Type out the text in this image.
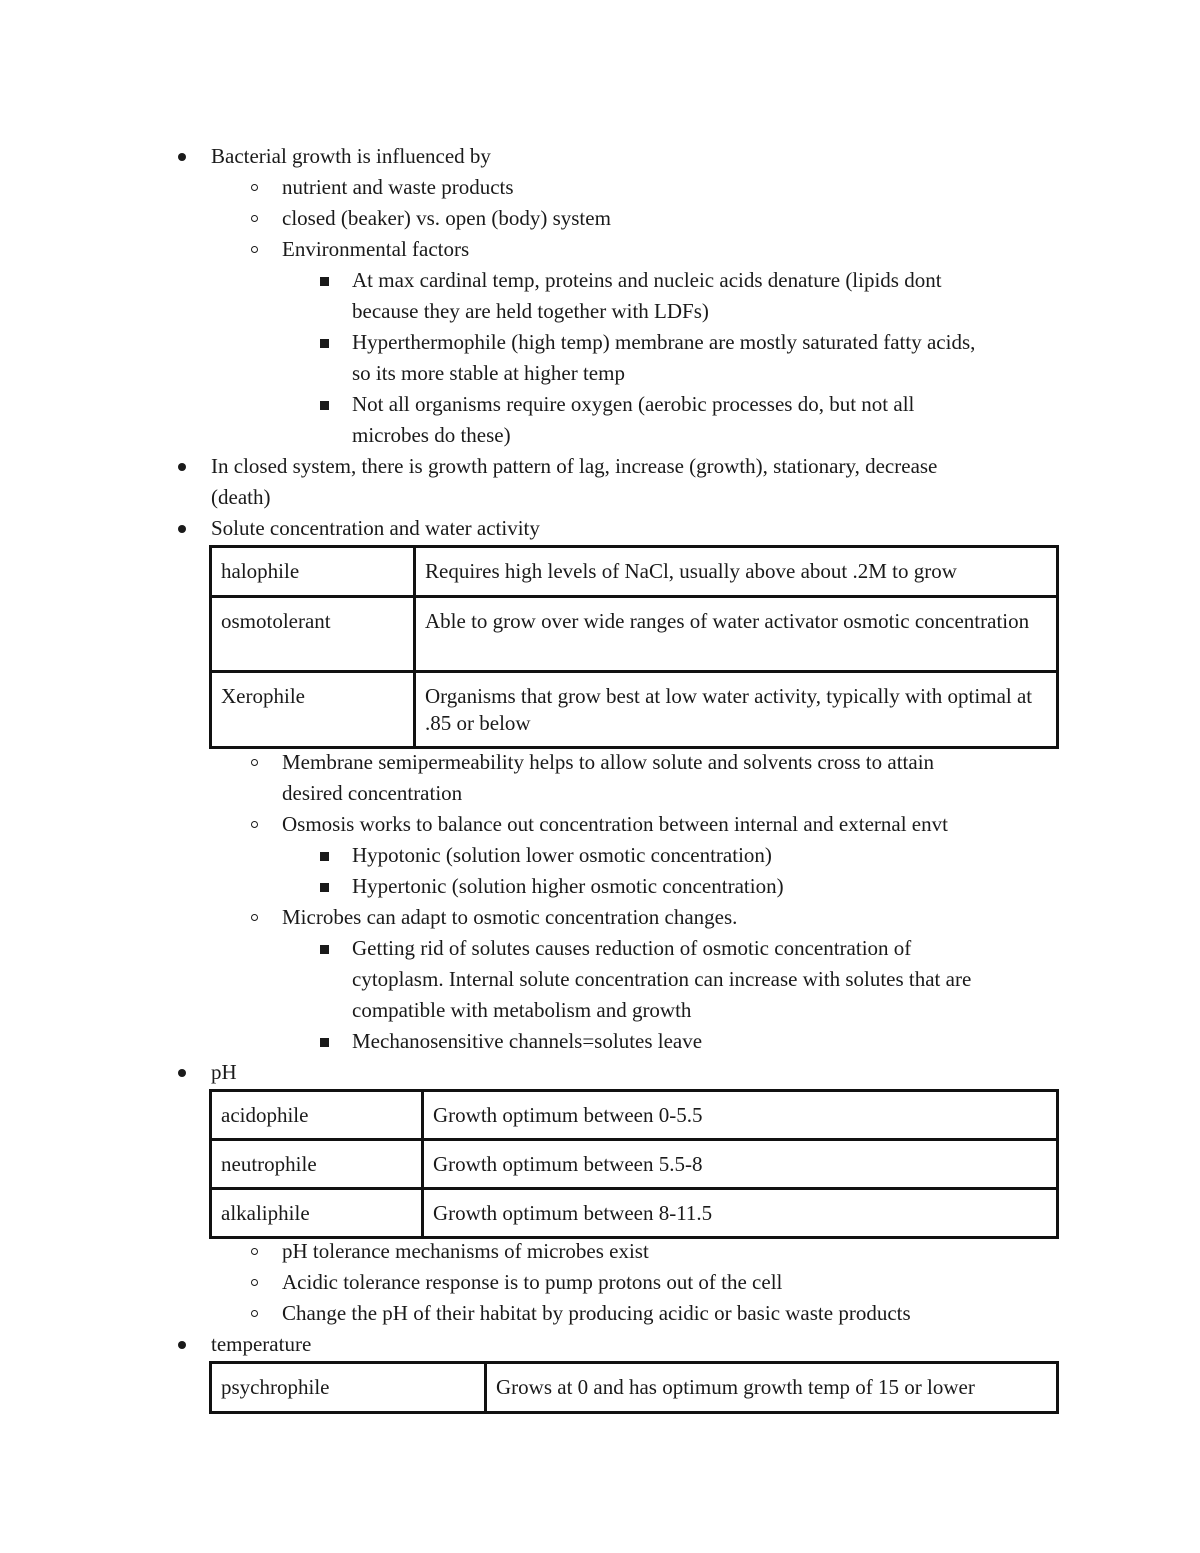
Bacterial growth is influenced by
nutrient and waste products
closed (beaker) vs. open (body) system
Environmental factors
At max cardinal temp, proteins and nucleic acids denature (lipids dont
because they are held together with LDFs)
Hyperthermophile (high temp) membrane are mostly saturated fatty acids,
so its more stable at higher temp
Not all organisms require oxygen (aerobic processes do, but not all
microbes do these)
In closed system, there is growth pattern of lag, increase (growth), stationary, decrease
(death)
Solute concentration and water activity
halophile	Requires high levels of NaCl, usually above about .2M to grow
osmotolerant	Able to grow over wide ranges of water activator osmotic concentration
Xerophile	Organisms that grow best at low water activity, typically with optimal at .85 or below
Membrane semipermeability helps to allow solute and solvents cross to attain
desired concentration
Osmosis works to balance out concentration between internal and external envt
Hypotonic (solution lower osmotic concentration)
Hypertonic (solution higher osmotic concentration)
Microbes can adapt to osmotic concentration changes.
Getting rid of solutes causes reduction of osmotic concentration of
cytoplasm. Internal solute concentration can increase with solutes that are
compatible with metabolism and growth
Mechanosensitive channels=solutes leave
pH
acidophile	Growth optimum between 0-5.5
neutrophile	Growth optimum between 5.5-8
alkaliphile	Growth optimum between 8-11.5
pH tolerance mechanisms of microbes exist
Acidic tolerance response is to pump protons out of the cell
Change the pH of their habitat by producing acidic or basic waste products
temperature
psychrophile	Grows at 0 and has optimum growth temp of 15 or lower
